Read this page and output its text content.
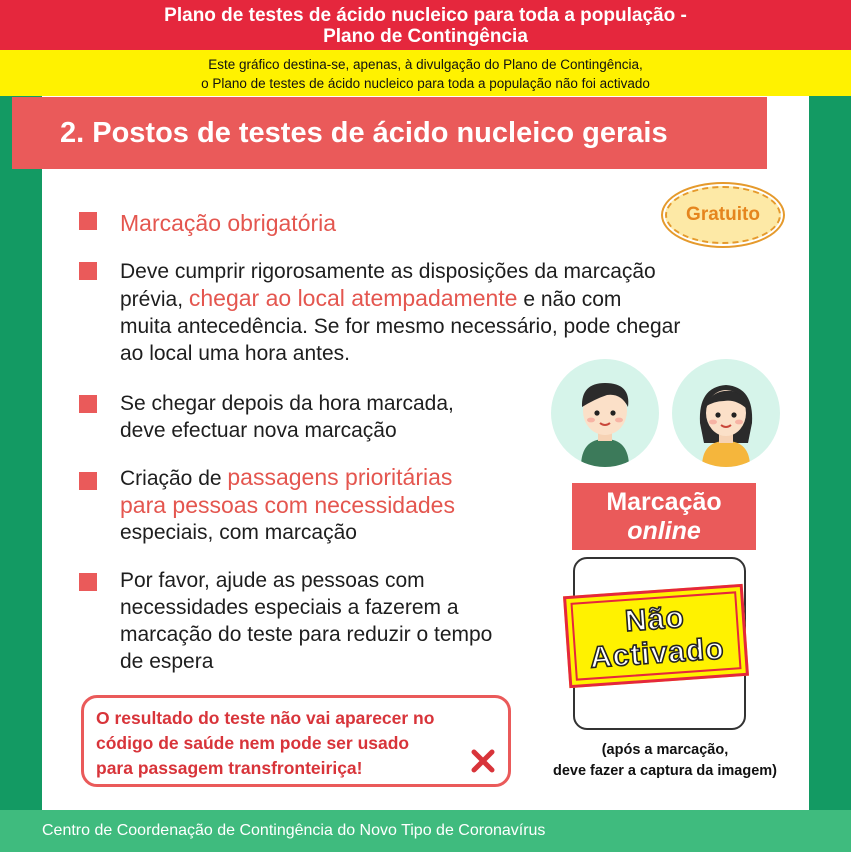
Plano de testes de ácido nucleico para toda a população -
Plano de Contingência
Este gráfico destina-se, apenas, à divulgação do Plano de Contingência,
o Plano de testes de ácido nucleico para toda a população não foi activado
2. Postos de testes de ácido nucleico gerais
Gratuito
Marcação obrigatória
Deve cumprir rigorosamente as disposições da marcação
prévia, chegar ao local atempadamente e não com
muita antecedência. Se for mesmo necessário, pode chegar
ao local uma hora antes.
Se chegar depois da hora marcada,
deve efectuar nova marcação
Criação de passagens prioritárias
para pessoas com necessidades
especiais, com marcação
Por favor, ajude as pessoas com
necessidades especiais a fazerem a
marcação do teste para reduzir o tempo
de espera
Marcação
online
Não
Activado
(após a marcação,
deve fazer a captura da imagem)
O resultado do teste não vai aparecer no
código de saúde nem pode ser usado
para passagem transfronteiriça!
Centro de Coordenação de Contingência do Novo Tipo de Coronavírus
